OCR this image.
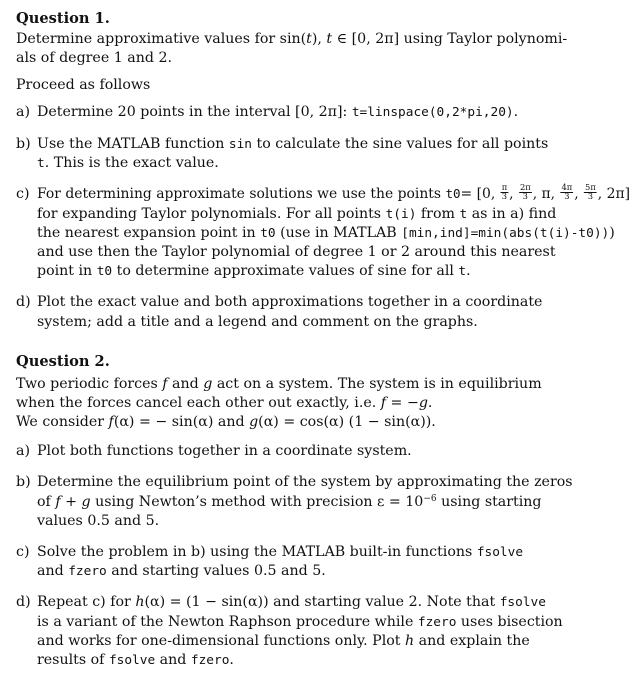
Question 1.
Determine approximative values for sin(t), t ∈ [0, 2π] using Taylor polynomi-
als of degree 1 and 2.
Proceed as follows
a) Determine 20 points in the interval [0, 2π]: t=linspace(0,2*pi,20).
b) Use the MATLAB function sin to calculate the sine values for all points
t. This is the exact value.
c) For determining approximate solutions we use the points t0= [0, $\frac{\pi}{3}$ , $\frac{2\pi}{3}$ , π, $\frac{4\pi}{3}$ , $\frac{5\pi}{3}$ , 2π]
for expanding Taylor polynomials. For all points t(i) from t as in a) find
the nearest expansion point in t0 (use in MATLAB [min,ind]=min(abs(t(i)-t0)))
and use then the Taylor polynomial of degree 1 or 2 around this nearest
point in t0 to determine approximate values of sine for all t.
d) Plot the exact value and both approximations together in a coordinate
system; add a title and a legend and comment on the graphs.
Question 2.
Two periodic forces f and g act on a system. The system is in equilibrium
when the forces cancel each other out exactly, i.e. f = −g.
We consider f(α) = − sin(α) and g(α) = cos(α) (1 − sin(α)).
a) Plot both functions together in a coordinate system.
b) Determine the equilibrium point of the system by approximating the zeros
of f + g using Newton’s method with precision $\varepsilon = 10^{-6}$ using starting
values 0.5 and 5.
c) Solve the problem in b) using the MATLAB built-in functions fsolve
and fzero and starting values 0.5 and 5.
d) Repeat c) for h(α) = (1 − sin(α)) and starting value 2. Note that fsolve
is a variant of the Newton Raphson procedure while fzero uses bisection
and works for one-dimensional functions only. Plot h and explain the
results of fsolve and fzero.
